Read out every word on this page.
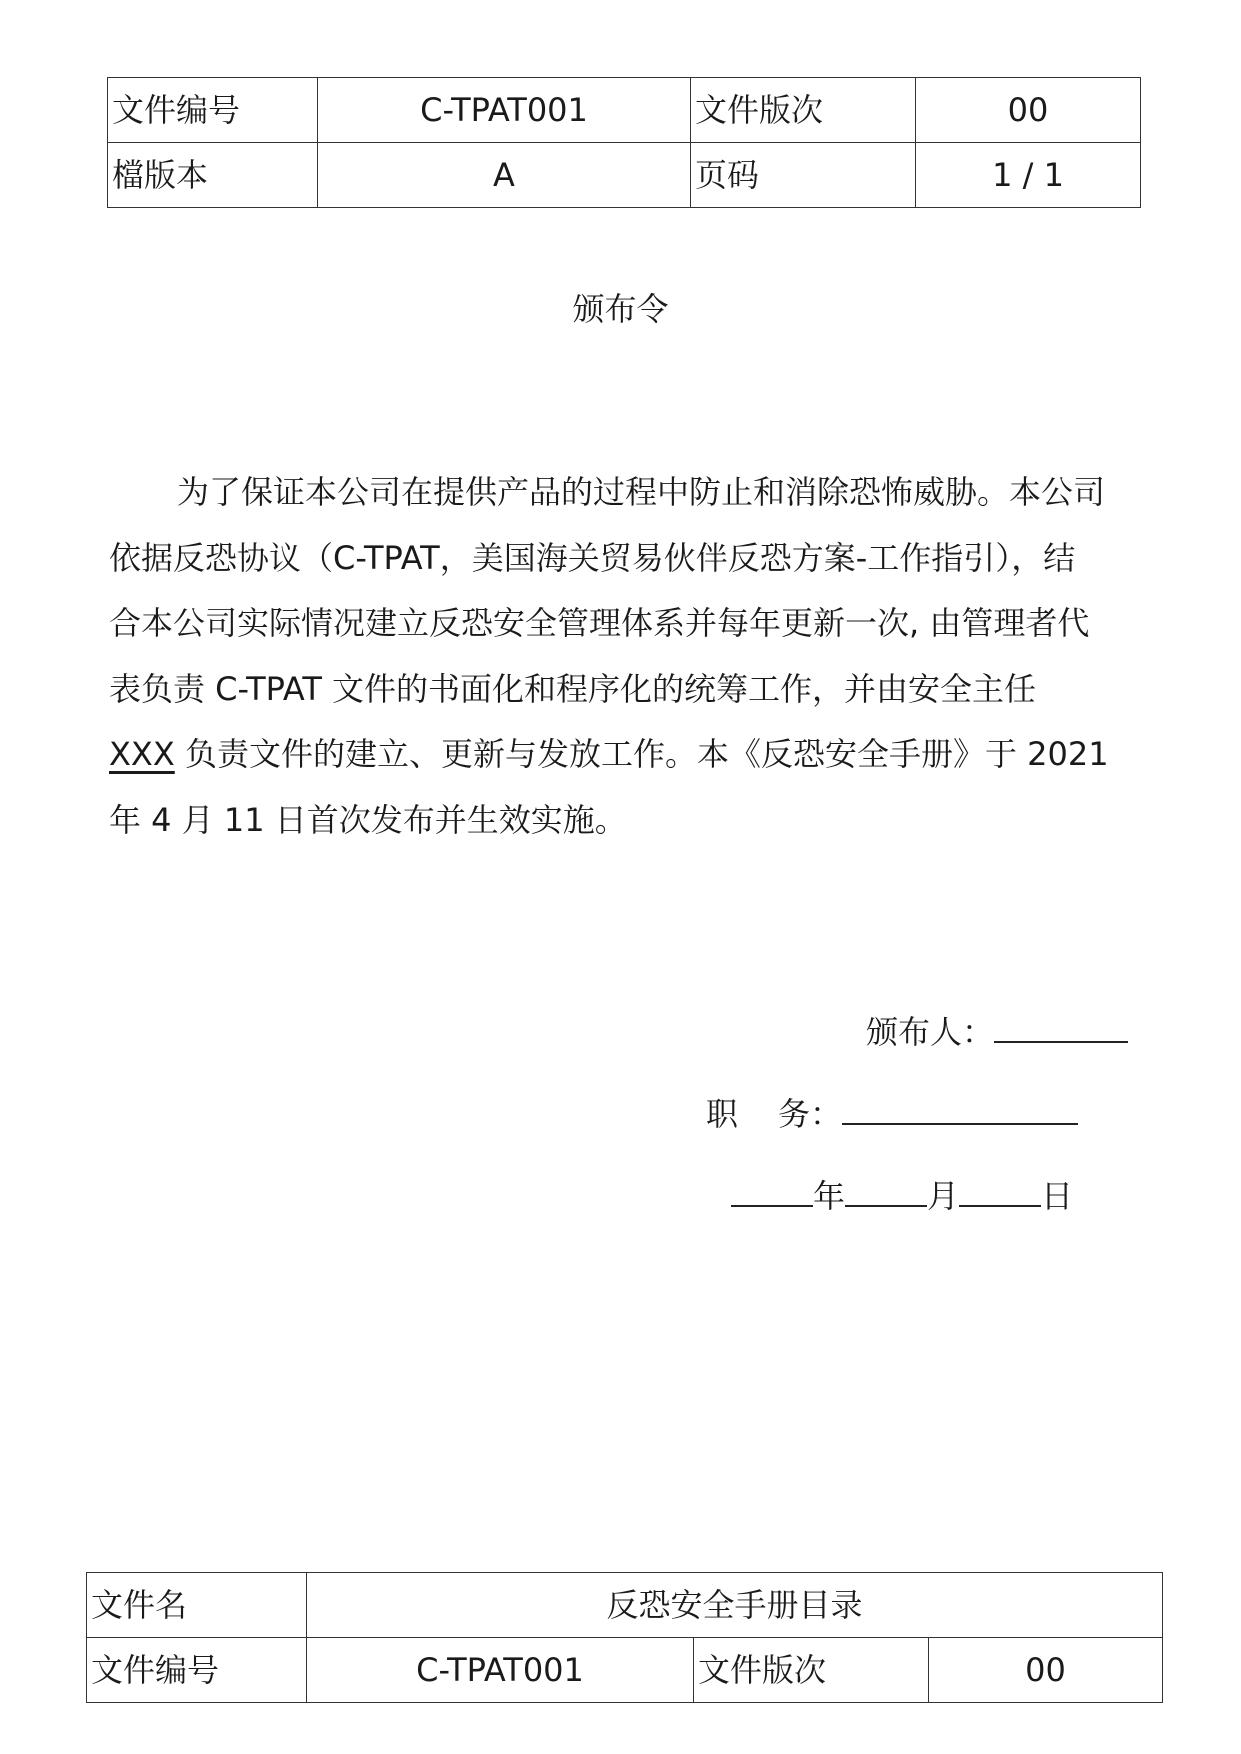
文件编号	C-TPAT001	文件版次	00
檔版本	A	页码	1 / 1
颁布令
为了保证本公司在提供产品的过程中防止和消除恐怖威胁。本公司
依据反恐协议（C-TPAT，美国海关贸易伙伴反恐方案-工作指引），结
合本公司实际情况建立反恐安全管理体系并每年更新一次, 由管理者代
表负责 C-TPAT 文件的书面化和程序化的统筹工作，并由安全主任
XXX 负责文件的建立、更新与发放工作。本《反恐安全手册》于 2021
年 4 月 11 日首次发布并生效实施。
颁布人：
职 务：
年	月	日
文件名	反恐安全手册目录		
文件编号	C-TPAT001	文件版次	00
